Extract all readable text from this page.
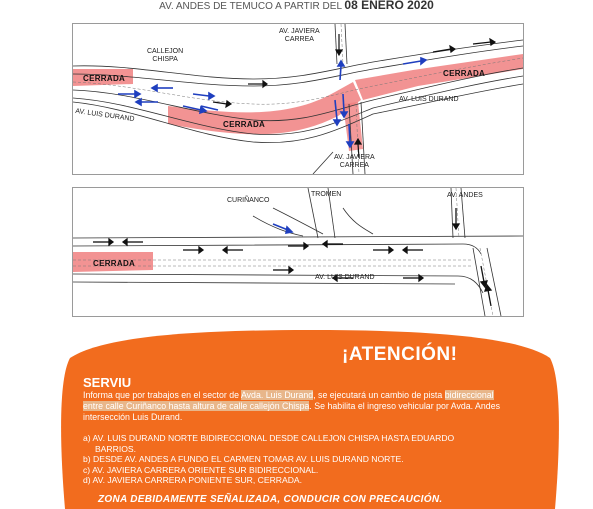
AV. ANDES DE TEMUCO A PARTIR DEL 08 ENERO 2020
CALLEJON
CHISPA
AV. JAVIERA
CARREA
AV. JAVIERA
CARREA
AV. LUIS DURAND
AV. LUIS DURAND
CERRADA
CERRADA
CERRADA
CURIÑANCO
TROMEN	AV. ANDES
AV. LUIS DURAND
CERRADA
¡ATENCIÓN!
SERVIU
Informa que por trabajos en el sector de Avda. Luis Durand, se ejecutará un cambio de pista bidireccional entre calle Curiñanco hasta altura de calle callejón Chispa. Se habilita el ingreso vehicular por Avda. Andes intersección Luis Durand.
a) AV. LUIS DURAND NORTE BIDIRECCIONAL DESDE CALLEJON CHISPA HASTA EDUARDO
BARRIOS.
b) DESDE AV. ANDES A FUNDO EL CARMEN TOMAR AV. LUIS DURAND NORTE.
c) AV. JAVIERA CARRERA ORIENTE SUR BIDIRECCIONAL.
d) AV. JAVIERA CARRERA PONIENTE SUR, CERRADA.
ZONA DEBIDAMENTE SEÑALIZADA, CONDUCIR CON PRECAUCIÓN.
